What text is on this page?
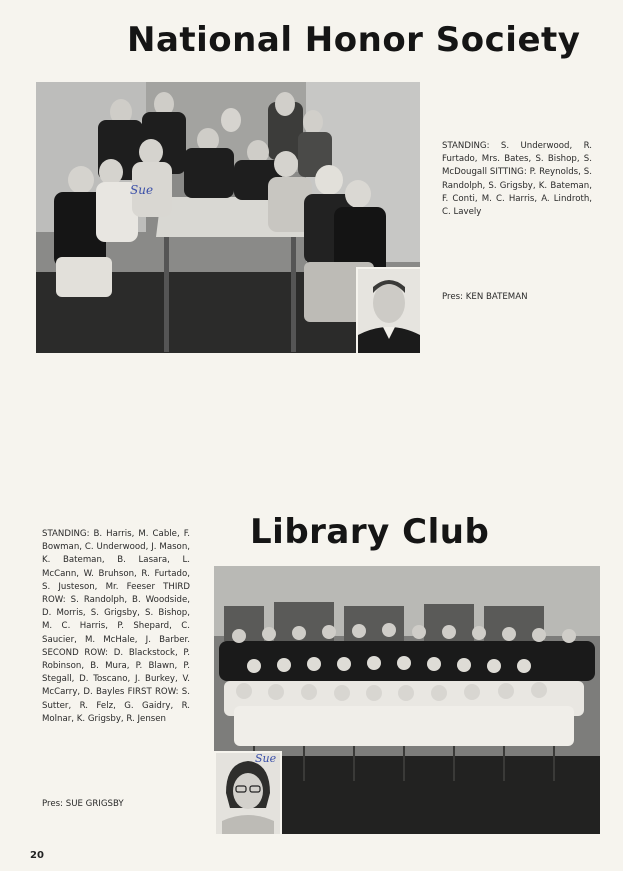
National Honor Society
Sue
STANDING: S. Underwood, R. Furtado, Mrs. Bates, S. Bishop, S. McDougall SITTING: P. Reynolds, S. Randolph, S. Grigsby, K. Bateman, F. Conti, M. C. Harris, A. Lindroth, C. Lavely
Pres: KEN BATEMAN
Library Club
STANDING: B. Harris, M. Cable, F. Bowman, C. Underwood, J. Mason, K. Bateman, B. Lasara, L. McCann, W. Bruhson, R. Furtado, S. Justeson, Mr. Feeser THIRD ROW: S. Randolph, B. Woodside, D. Morris, S. Grigsby, S. Bishop, M. C. Harris, P. Shepard, C. Saucier, M. McHale, J. Barber. SECOND ROW: D. Blackstock, P. Robinson, B. Mura, P. Blawn, P. Stegall, D. Toscano, J. Burkey, V. McCarry, D. Bayles FIRST ROW: S. Sutter, R. Felz, G. Gaidry, R. Molnar, K. Grigsby, R. Jensen
Pres: SUE GRIGSBY
Sue
20
